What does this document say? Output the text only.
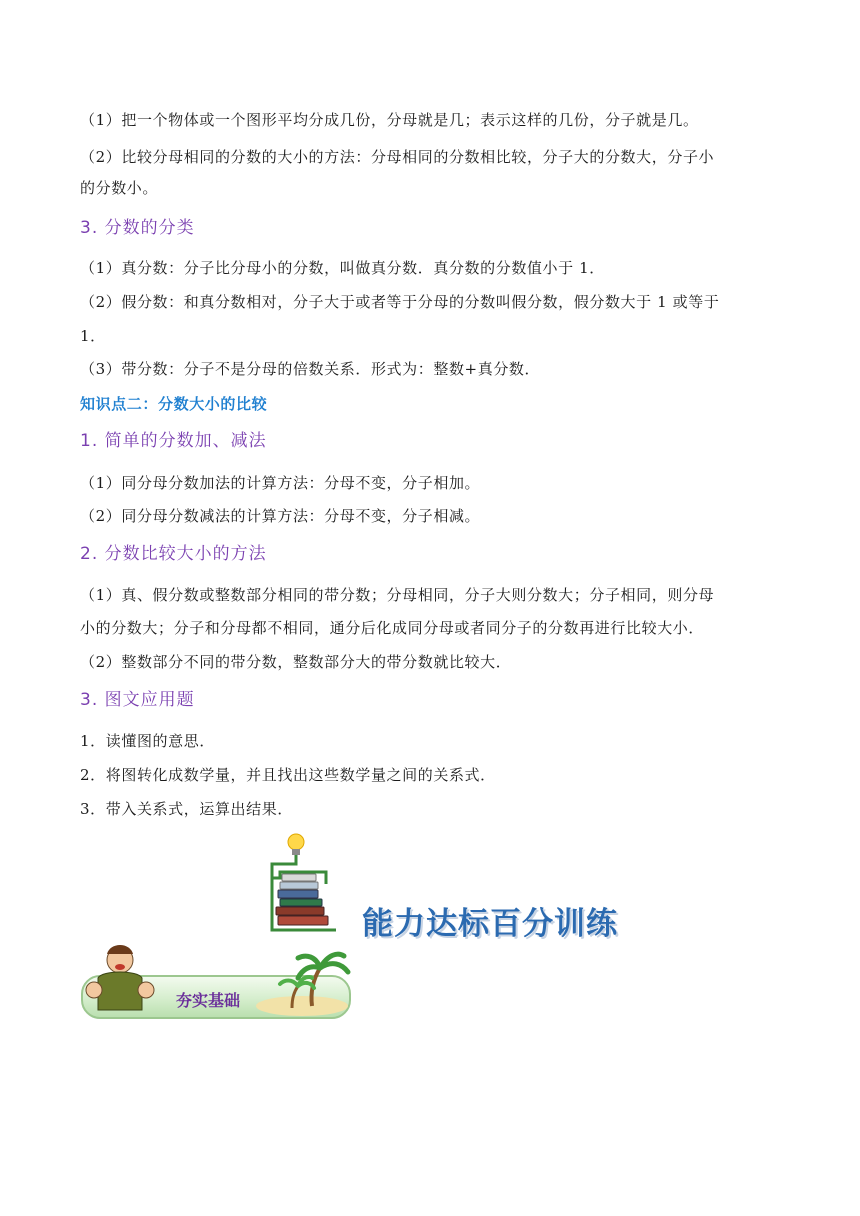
（1）把一个物体或一个图形平均分成几份，分母就是几；表示这样的几份，分子就是几。
（2）比较分母相同的分数的大小的方法：分母相同的分数相比较，分子大的分数大，分子小
的分数小。
3. 分数的分类
（1）真分数：分子比分母小的分数，叫做真分数．真分数的分数值小于 1．
（2）假分数：和真分数相对，分子大于或者等于分母的分数叫假分数，假分数大于 1 或等于
1．
（3）带分数：分子不是分母的倍数关系．形式为：整数+真分数．
知识点二：分数大小的比较
1. 简单的分数加、减法
（1）同分母分数加法的计算方法：分母不变，分子相加。
（2）同分母分数减法的计算方法：分母不变，分子相减。
2. 分数比较大小的方法
（1）真、假分数或整数部分相同的带分数；分母相同，分子大则分数大；分子相同，则分母
小的分数大；分子和分母都不相同，通分后化成同分母或者同分子的分数再进行比较大小．
（2）整数部分不同的带分数，整数部分大的带分数就比较大．
3. 图文应用题
1．读懂图的意思．
2．将图转化成数学量，并且找出这些数学量之间的关系式．
3．带入关系式，运算出结果．
能力达标百分训练
夯实基础
